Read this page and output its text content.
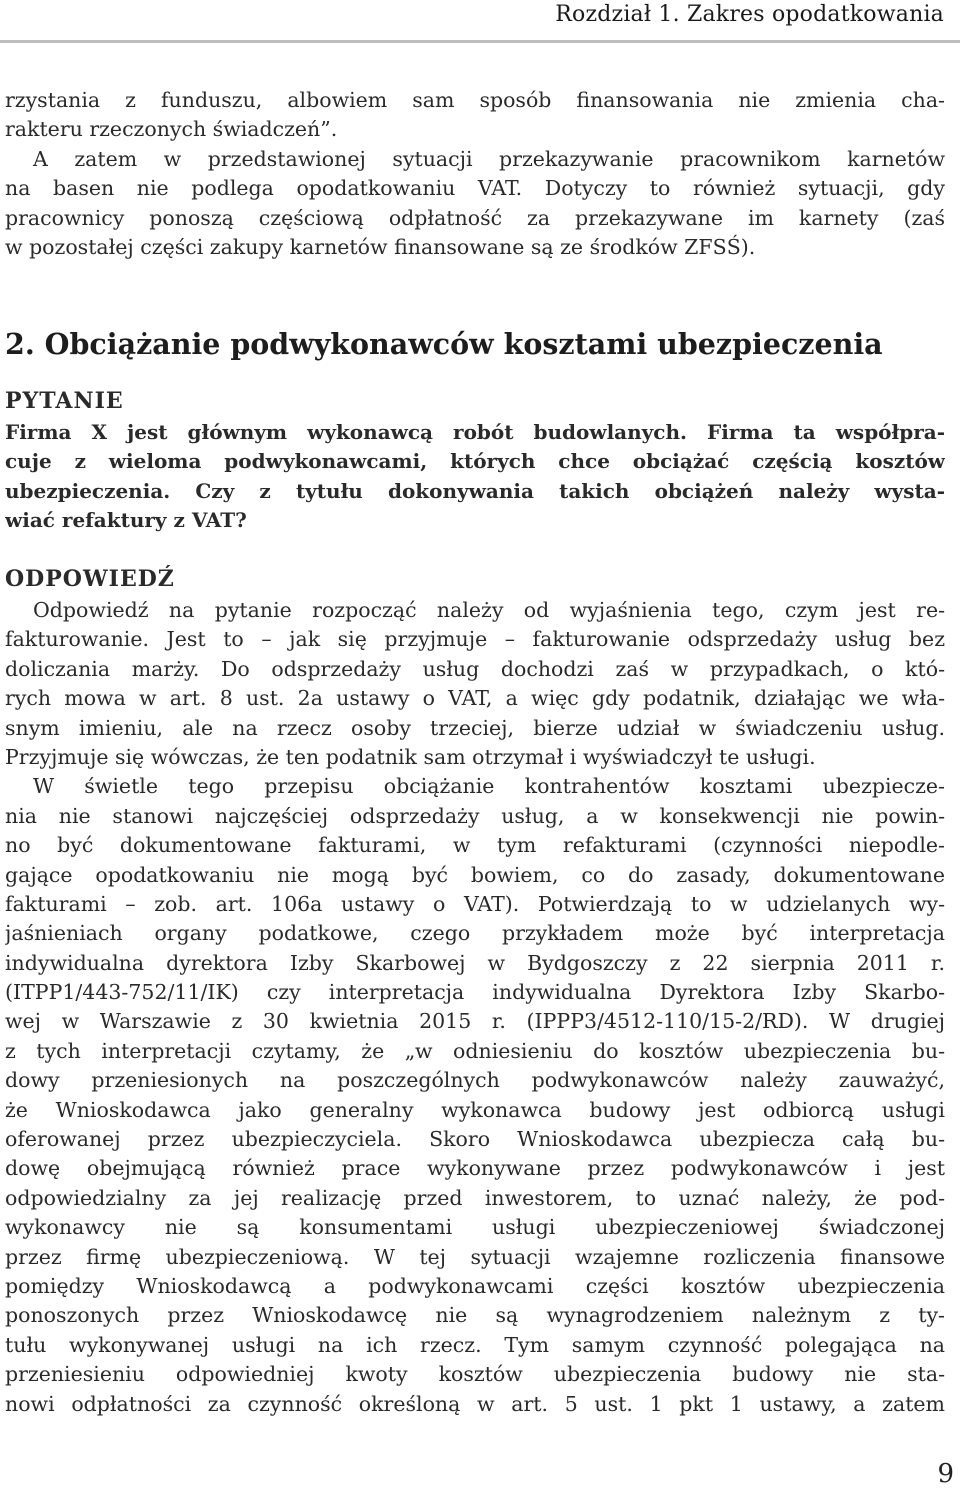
Rozdział 1. Zakres opodatkowania
rzystania z funduszu, albowiem sam sposób finansowania nie zmienia cha-
rakteru rzeczonych świadczeń”.
A zatem w przedstawionej sytuacji przekazywanie pracownikom karnetów
na basen nie podlega opodatkowaniu VAT. Dotyczy to również sytuacji, gdy
pracownicy ponoszą częściową odpłatność za przekazywane im karnety (zaś
w pozostałej części zakupy karnetów finansowane są ze środków ZFSŚ).
2. Obciążanie podwykonawców kosztami ubezpieczenia
PYTANIE
Firma X jest głównym wykonawcą robót budowlanych. Firma ta współpra-
cuje z wieloma podwykonawcami, których chce obciążać częścią kosztów
ubezpieczenia. Czy z tytułu dokonywania takich obciążeń należy wysta-
wiać refaktury z VAT?
ODPOWIEDŹ
Odpowiedź na pytanie rozpocząć należy od wyjaśnienia tego, czym jest re-
fakturowanie. Jest to – jak się przyjmuje – fakturowanie odsprzedaży usług bez
doliczania marży. Do odsprzedaży usług dochodzi zaś w przypadkach, o któ-
rych mowa w art. 8 ust. 2a ustawy o VAT, a więc gdy podatnik, działając we wła-
snym imieniu, ale na rzecz osoby trzeciej, bierze udział w świadczeniu usług.
Przyjmuje się wówczas, że ten podatnik sam otrzymał i wyświadczył te usługi.
W świetle tego przepisu obciążanie kontrahentów kosztami ubezpiecze-
nia nie stanowi najczęściej odsprzedaży usług, a w konsekwencji nie powin-
no być dokumentowane fakturami, w tym refakturami (czynności niepodle-
gające opodatkowaniu nie mogą być bowiem, co do zasady, dokumentowane
fakturami – zob. art. 106a ustawy o VAT). Potwierdzają to w udzielanych wy-
jaśnieniach organy podatkowe, czego przykładem może być interpretacja
indywidualna dyrektora Izby Skarbowej w Bydgoszczy z 22 sierpnia 2011 r.
(ITPP1/443-752/11/IK) czy interpretacja indywidualna Dyrektora Izby Skarbo-
wej w Warszawie z 30 kwietnia 2015 r. (IPPP3/4512-110/15-2/RD). W drugiej
z tych interpretacji czytamy, że „w odniesieniu do kosztów ubezpieczenia bu-
dowy przeniesionych na poszczególnych podwykonawców należy zauważyć,
że Wnioskodawca jako generalny wykonawca budowy jest odbiorcą usługi
oferowanej przez ubezpieczyciela. Skoro Wnioskodawca ubezpiecza całą bu-
dowę obejmującą również prace wykonywane przez podwykonawców i jest
odpowiedzialny za jej realizację przed inwestorem, to uznać należy, że pod-
wykonawcy nie są konsumentami usługi ubezpieczeniowej świadczonej
przez firmę ubezpieczeniową. W tej sytuacji wzajemne rozliczenia finansowe
pomiędzy Wnioskodawcą a podwykonawcami części kosztów ubezpieczenia
ponoszonych przez Wnioskodawcę nie są wynagrodzeniem należnym z ty-
tułu wykonywanej usługi na ich rzecz. Tym samym czynność polegająca na
przeniesieniu odpowiedniej kwoty kosztów ubezpieczenia budowy nie sta-
nowi odpłatności za czynność określoną w art. 5 ust. 1 pkt 1 ustawy, a zatem
9
